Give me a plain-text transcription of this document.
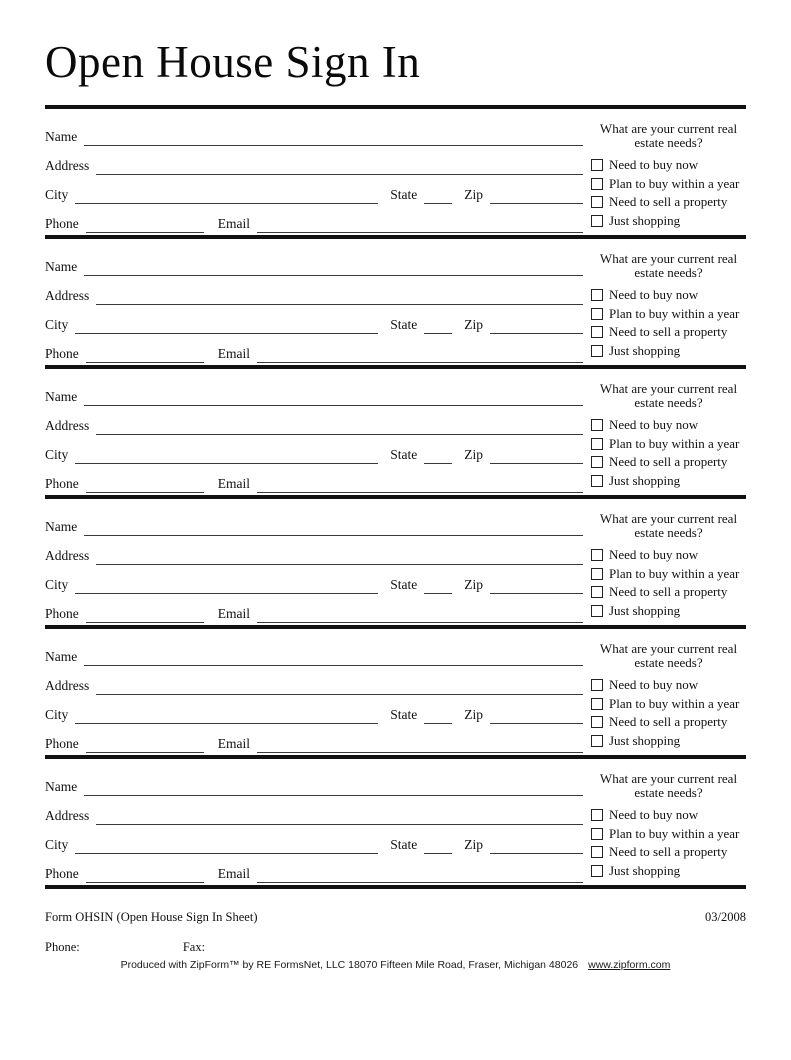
Open House Sign In
Name
Address
City	State	Zip
Phone	Email
What are your current real
estate needs?
Need to buy now
Plan to buy within a year
Need to sell a property
Just shopping
Name
Address
City	State	Zip
Phone	Email
What are your current real
estate needs?
Need to buy now
Plan to buy within a year
Need to sell a property
Just shopping
Name
Address
City	State	Zip
Phone	Email
What are your current real
estate needs?
Need to buy now
Plan to buy within a year
Need to sell a property
Just shopping
Name
Address
City	State	Zip
Phone	Email
What are your current real
estate needs?
Need to buy now
Plan to buy within a year
Need to sell a property
Just shopping
Name
Address
City	State	Zip
Phone	Email
What are your current real
estate needs?
Need to buy now
Plan to buy within a year
Need to sell a property
Just shopping
Name
Address
City	State	Zip
Phone	Email
What are your current real
estate needs?
Need to buy now
Plan to buy within a year
Need to sell a property
Just shopping
Form OHSIN (Open House Sign In Sheet)	03/2008
Phone:	Fax:
Produced with ZipForm™ by RE FormsNet, LLC 18070 Fifteen Mile Road, Fraser, Michigan 48026 www.zipform.com
